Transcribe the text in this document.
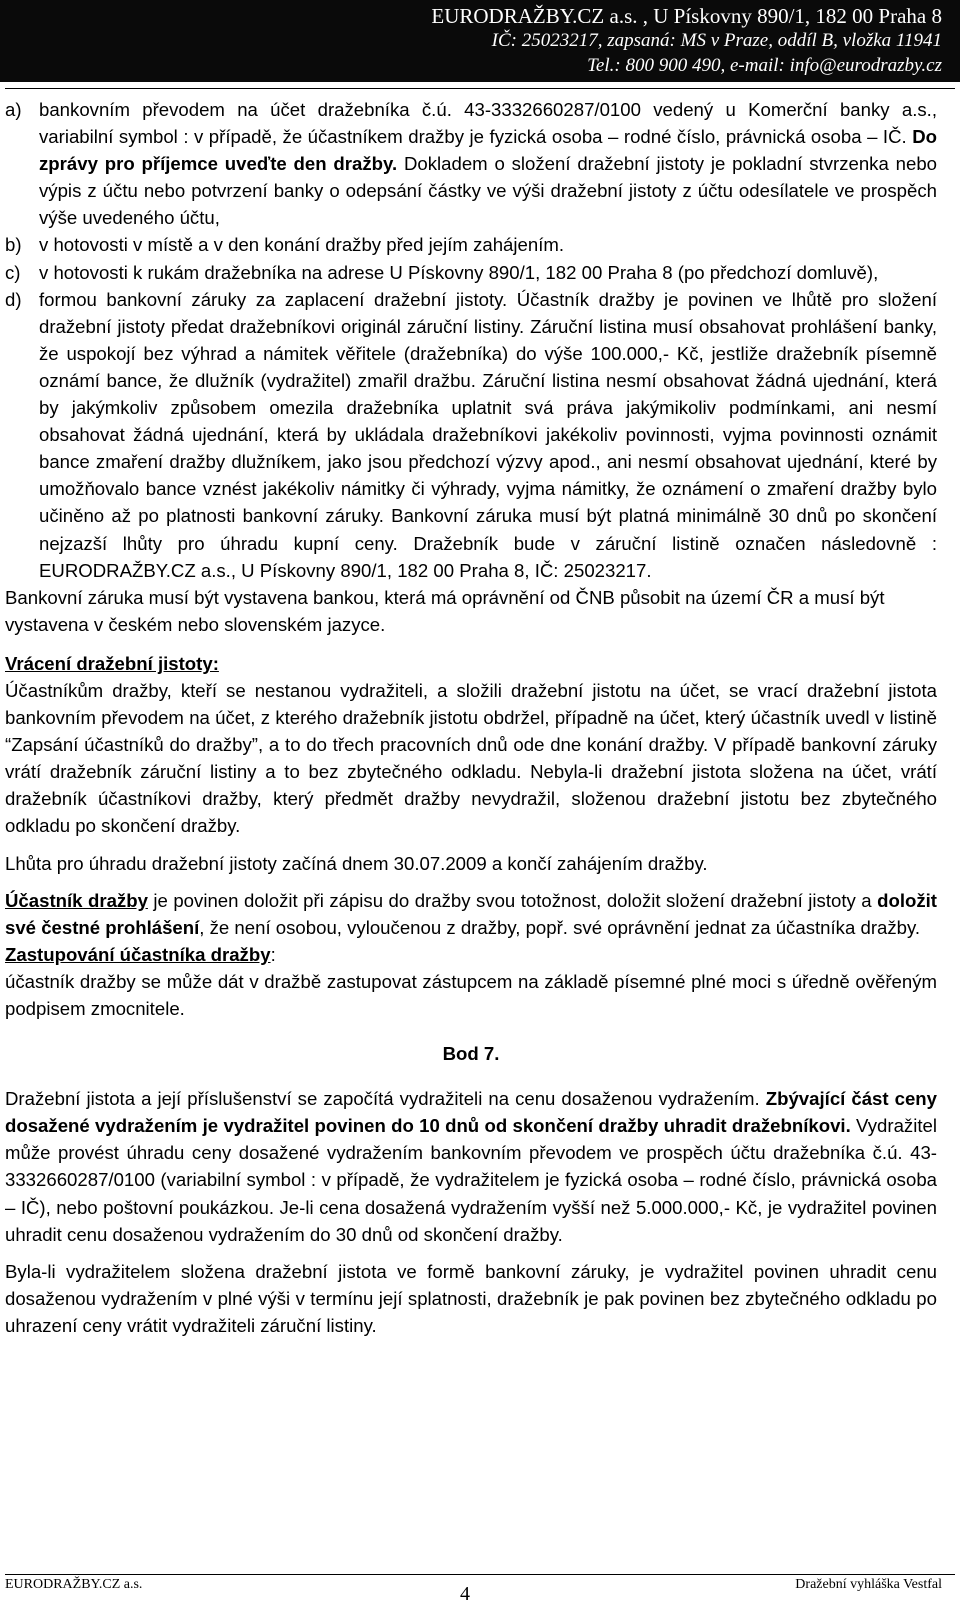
EURODRAŽBY.CZ a.s. , U Pískovny 890/1, 182 00 Praha 8
IČ: 25023217, zapsaná: MS v Praze, oddíl B, vložka 11941
Tel.: 800 900 490, e-mail: info@eurodrazby.cz
a) bankovním převodem na účet dražebníka č.ú. 43-3332660287/0100 vedený u Komerční banky a.s., variabilní symbol : v případě, že účastníkem dražby je fyzická osoba – rodné číslo, právnická osoba – IČ. Do zprávy pro příjemce uveďte den dražby. Dokladem o složení dražební jistoty je pokladní stvrzenka nebo výpis z účtu nebo potvrzení banky o odepsání částky ve výši dražební jistoty z účtu odesílatele ve prospěch výše uvedeného účtu,

b) v hotovosti v místě a v den konání dražby před jejím zahájením.

c) v hotovosti k rukám dražebníka na adrese U Pískovny 890/1, 182 00 Praha 8 (po předchozí domluvě),

d) formou bankovní záruky za zaplacení dražební jistoty. Účastník dražby je povinen ve lhůtě pro složení dražební jistoty předat dražebníkovi originál záruční listiny. Záruční listina musí obsahovat prohlášení banky, že uspokojí bez výhrad a námitek věřitele (dražebníka) do výše 100.000,- Kč, jestliže dražebník písemně oznámí bance, že dlužník (vydražitel) zmařil dražbu. Záruční listina nesmí obsahovat žádná ujednání, která by jakýmkoliv způsobem omezila dražebníka uplatnit svá práva jakýmikoliv podmínkami, ani nesmí obsahovat žádná ujednání, která by ukládala dražebníkovi jakékoliv povinnosti, vyjma povinnosti oznámit bance zmaření dražby dlužníkem, jako jsou předchozí výzvy apod., ani nesmí obsahovat ujednání, které by umožňovalo bance vznést jakékoliv námitky či výhrady, vyjma námitky, že oznámení o zmaření dražby bylo učiněno až po platnosti bankovní záruky. Bankovní záruka musí být platná minimálně 30 dnů po skončení nejzazší lhůty pro úhradu kupní ceny. Dražebník bude v záruční listině označen následovně : EURODRAŽBY.CZ a.s., U Pískovny 890/1, 182 00 Praha 8, IČ: 25023217.

Bankovní záruka musí být vystavena bankou, která má oprávnění od ČNB působit na území ČR a musí být vystavena v českém nebo slovenském jazyce.

Vrácení dražební jistoty:

Účastníkům dražby, kteří se nestanou vydražiteli, a složili dražební jistotu na účet, se vrací dražební jistota bankovním převodem na účet, z kterého dražebník jistotu obdržel, případně na účet, který účastník uvedl v listině “Zapsání účastníků do dražby”, a to do třech pracovních dnů ode dne konání dražby. V případě bankovní záruky vrátí dražebník záruční listiny a to bez zbytečného odkladu. Nebyla-li dražební jistota složena na účet, vrátí dražebník účastníkovi dražby, který předmět dražby nevydražil, složenou dražební jistotu bez zbytečného odkladu po skončení dražby.

Lhůta pro úhradu dražební jistoty začíná dnem 30.07.2009 a končí zahájením dražby.

Účastník dražby je povinen doložit při zápisu do dražby svou totožnost, doložit složení dražební jistoty a doložit své čestné prohlášení, že není osobou, vyloučenou z dražby, popř. své oprávnění jednat za účastníka dražby.

Zastupování účastníka dražby:

účastník dražby se může dát v dražbě zastupovat zástupcem na základě písemné plné moci s úředně ověřeným podpisem zmocnitele.

Bod 7.

Dražební jistota a její příslušenství se započítá vydražiteli na cenu dosaženou vydražením. Zbývající část ceny dosažené vydražením je vydražitel povinen do 10 dnů od skončení dražby uhradit dražebníkovi. Vydražitel může provést úhradu ceny dosažené vydražením bankovním převodem ve prospěch účtu dražebníka č.ú. 43-3332660287/0100 (variabilní symbol : v případě, že vydražitelem je fyzická osoba – rodné číslo, právnická osoba – IČ), nebo poštovní poukázkou. Je-li cena dosažená vydražením vyšší než 5.000.000,- Kč, je vydražitel povinen uhradit cenu dosaženou vydražením do 30 dnů od skončení dražby.

Byla-li vydražitelem složena dražební jistota ve formě bankovní záruky, je vydražitel povinen uhradit cenu dosaženou vydražením v plné výši v termínu její splatnosti, dražebník je pak povinen bez zbytečného odkladu po uhrazení ceny vrátit vydražiteli záruční listiny.

EURODRAŽBY.CZ a.s.	4	Dražební vyhláška Vestfal
